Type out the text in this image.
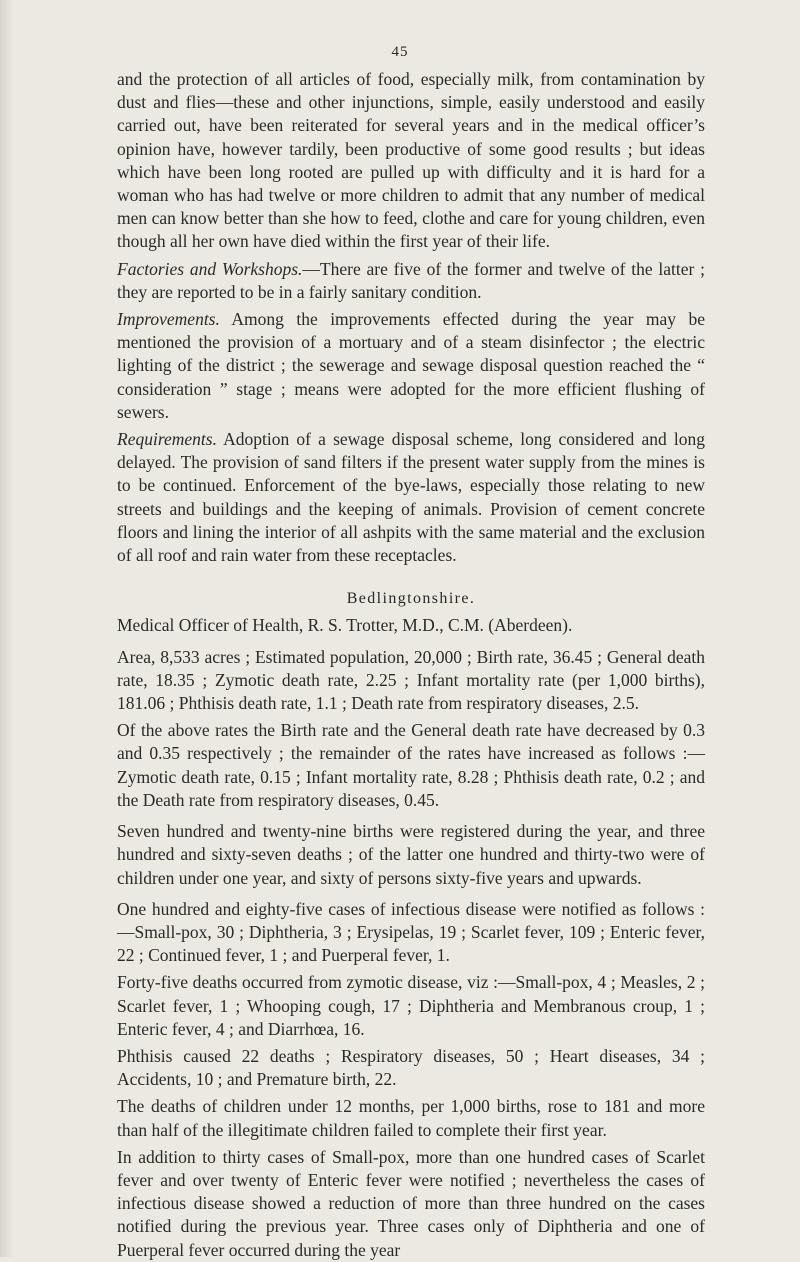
45

and the protection of all articles of food, especially milk, from contamination by dust and flies—these and other injunctions, simple, easily understood and easily carried out, have been reiterated for several years and in the medical officer’s opinion have, however tardily, been productive of some good results ; but ideas which have been long rooted are pulled up with difficulty and it is hard for a woman who has had twelve or more children to admit that any number of medical men can know better than she how to feed, clothe and care for young children, even though all her own have died within the first year of their life.

Factories and Workshops.—There are five of the former and twelve of the latter ; they are reported to be in a fairly sanitary condition.

Improvements. Among the improvements effected during the year may be mentioned the provision of a mortuary and of a steam disinfector ; the electric lighting of the district ; the sewerage and sewage disposal question reached the “ consideration ” stage ; means were adopted for the more efficient flushing of sewers.

Requirements. Adoption of a sewage disposal scheme, long considered and long delayed. The provision of sand filters if the present water supply from the mines is to be continued. Enforcement of the bye-laws, especially those relating to new streets and buildings and the keeping of animals. Provision of cement concrete floors and lining the interior of all ashpits with the same material and the exclusion of all roof and rain water from these receptacles.

Bedlingtonshire.

Medical Officer of Health, R. S. Trotter, M.D., C.M. (Aberdeen).

Area, 8,533 acres ; Estimated population, 20,000 ; Birth rate, 36.45 ; General death rate, 18.35 ; Zymotic death rate, 2.25 ; Infant mortality rate (per 1,000 births), 181.06 ; Phthisis death rate, 1.1 ; Death rate from respiratory diseases, 2.5.

Of the above rates the Birth rate and the General death rate have decreased by 0.3 and 0.35 respectively ; the remainder of the rates have increased as follows :—Zymotic death rate, 0.15 ; Infant mortality rate, 8.28 ; Phthisis death rate, 0.2 ; and the Death rate from respiratory diseases, 0.45.

Seven hundred and twenty-nine births were registered during the year, and three hundred and sixty-seven deaths ; of the latter one hundred and thirty-two were of children under one year, and sixty of persons sixty-five years and upwards.

One hundred and eighty-five cases of infectious disease were notified as follows :—Small-pox, 30 ; Diphtheria, 3 ; Erysipelas, 19 ; Scarlet fever, 109 ; Enteric fever, 22 ; Continued fever, 1 ; and Puerperal fever, 1.

Forty-five deaths occurred from zymotic disease, viz :—Small-pox, 4 ; Measles, 2 ; Scarlet fever, 1 ; Whooping cough, 17 ; Diphtheria and Membranous croup, 1 ; Enteric fever, 4 ; and Diarrhœa, 16.

Phthisis caused 22 deaths ; Respiratory diseases, 50 ; Heart diseases, 34 ; Accidents, 10 ; and Premature birth, 22.

The deaths of children under 12 months, per 1,000 births, rose to 181 and more than half of the illegitimate children failed to complete their first year.

In addition to thirty cases of Small-pox, more than one hundred cases of Scarlet fever and over twenty of Enteric fever were notified ; nevertheless the cases of infectious disease showed a reduction of more than three hundred on the cases notified during the previous year. Three cases only of Diphtheria and one of Puerperal fever occurred during the year
